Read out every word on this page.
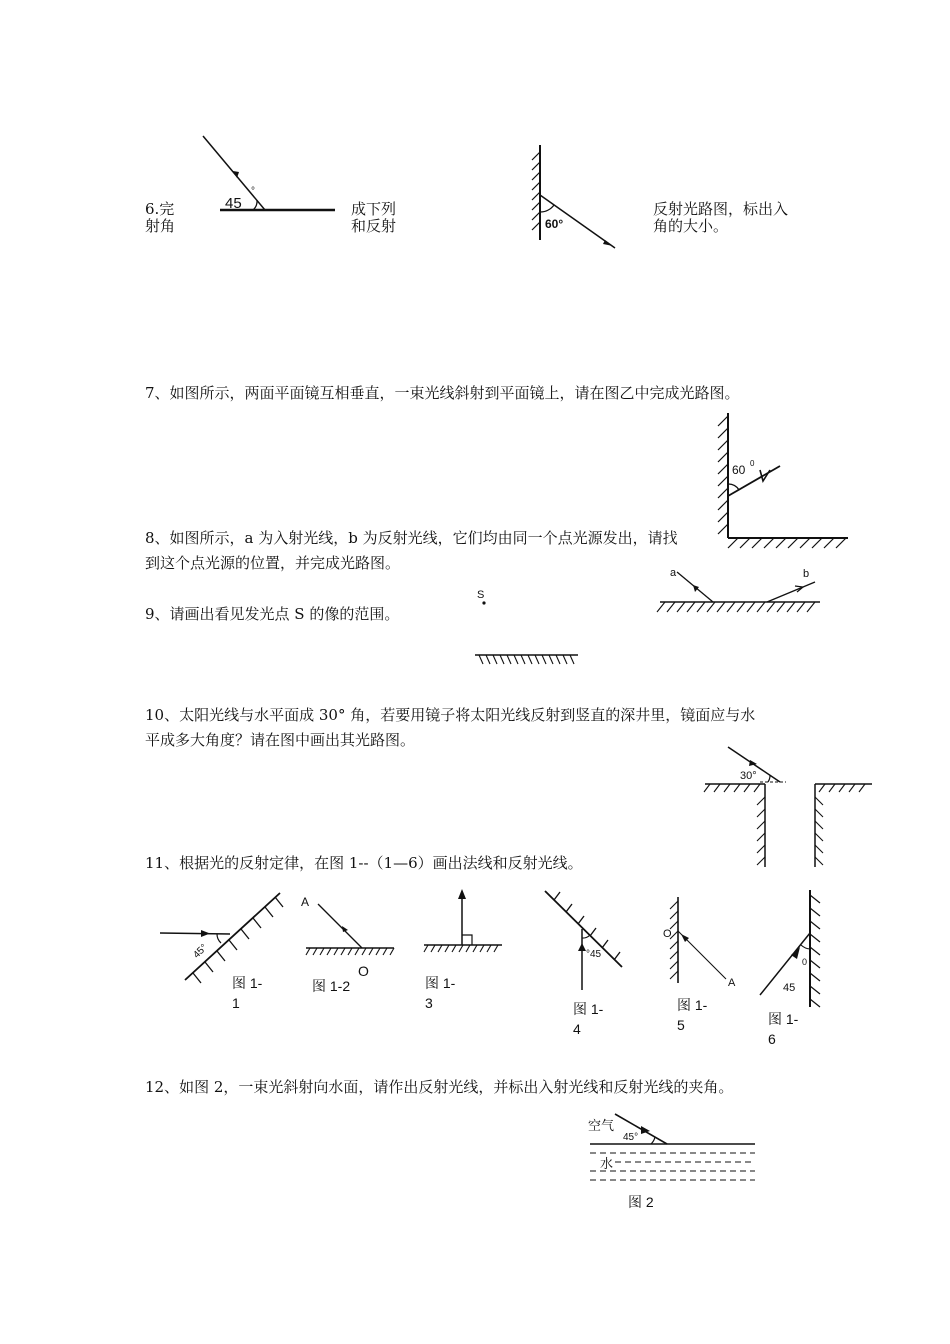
6.完
射角
成下列
和反射
反射光路图，标出入
角的大小。
45
°
60°
7、如图所示，两面平面镜互相垂直，一束光线斜射到平面镜上，请在图乙中完成光路图。
60 0
8、如图所示，a 为入射光线，b 为反射光线，它们均由同一个点光源发出，请找
到这个点光源的位置，并完成光路图。
a	b
9、请画出看见发光点 S 的像的范围。
S
10、太阳光线与水平面成 30° 角，若要用镜子将太阳光线反射到竖直的深井里，镜面应与水
平成多大角度？请在图中画出其光路图。
30°
11、根据光的反射定律，在图 1--（1—6）画出法线和反射光线。
45°
图 1-
1
A
O
图 1-2	图 1-
3
°45
图 1-
4
O
A
图 1-
5
45
0
图 1-
6
12、如图 2，一束光斜射向水面，请作出反射光线，并标出入射光线和反射光线的夹角。
空气
45°
水
图 2
